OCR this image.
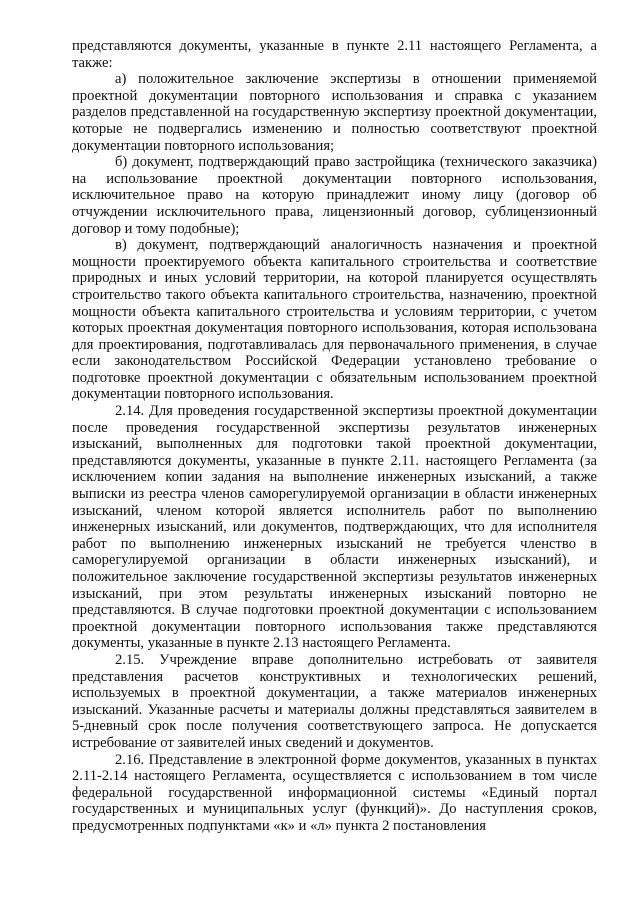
представляются документы, указанные в пункте 2.11 настоящего Регламента, а также:

а) положительное заключение экспертизы в отношении применяемой проектной документации повторного использования и справка с указанием разделов представленной на государственную экспертизу проектной документации, которые не подвергались изменению и полностью соответствуют проектной документации повторного использования;

б) документ, подтверждающий право застройщика (технического заказчика) на использование проектной документации повторного использования, исключительное право на которую принадлежит иному лицу (договор об отчуждении исключительного права, лицензионный договор, сублицензионный договор и тому подобные);

в) документ, подтверждающий аналогичность назначения и проектной мощности проектируемого объекта капитального строительства и соответствие природных и иных условий территории, на которой планируется осуществлять строительство такого объекта капитального строительства, назначению, проектной мощности объекта капитального строительства и условиям территории, с учетом которых проектная документация повторного использования, которая использована для проектирования, подготавливалась для первоначального применения, в случае если законодательством Российской Федерации установлено требование о подготовке проектной документации с обязательным использованием проектной документации повторного использования.

2.14. Для проведения государственной экспертизы проектной документации после проведения государственной экспертизы результатов инженерных изысканий, выполненных для подготовки такой проектной документации, представляются документы, указанные в пункте 2.11. настоящего Регламента (за исключением копии задания на выполнение инженерных изысканий, а также выписки из реестра членов саморегулируемой организации в области инженерных изысканий, членом которой является исполнитель работ по выполнению инженерных изысканий, или документов, подтверждающих, что для исполнителя работ по выполнению инженерных изысканий не требуется членство в саморегулируемой организации в области инженерных изысканий), и положительное заключение государственной экспертизы результатов инженерных изысканий, при этом результаты инженерных изысканий повторно не представляются. В случае подготовки проектной документации с использованием проектной документации повторного использования также представляются документы, указанные в пункте 2.13 настоящего Регламента.

2.15. Учреждение вправе дополнительно истребовать от заявителя представления расчетов конструктивных и технологических решений, используемых в проектной документации, а также материалов инженерных изысканий. Указанные расчеты и материалы должны представляться заявителем в 5-дневный срок после получения соответствующего запроса. Не допускается истребование от заявителей иных сведений и документов.

2.16. Представление в электронной форме документов, указанных в пунктах 2.11-2.14 настоящего Регламента, осуществляется с использованием в том числе федеральной государственной информационной системы «Единый портал государственных и муниципальных услуг (функций)». До наступления сроков, предусмотренных подпунктами «к» и «л» пункта 2 постановления
